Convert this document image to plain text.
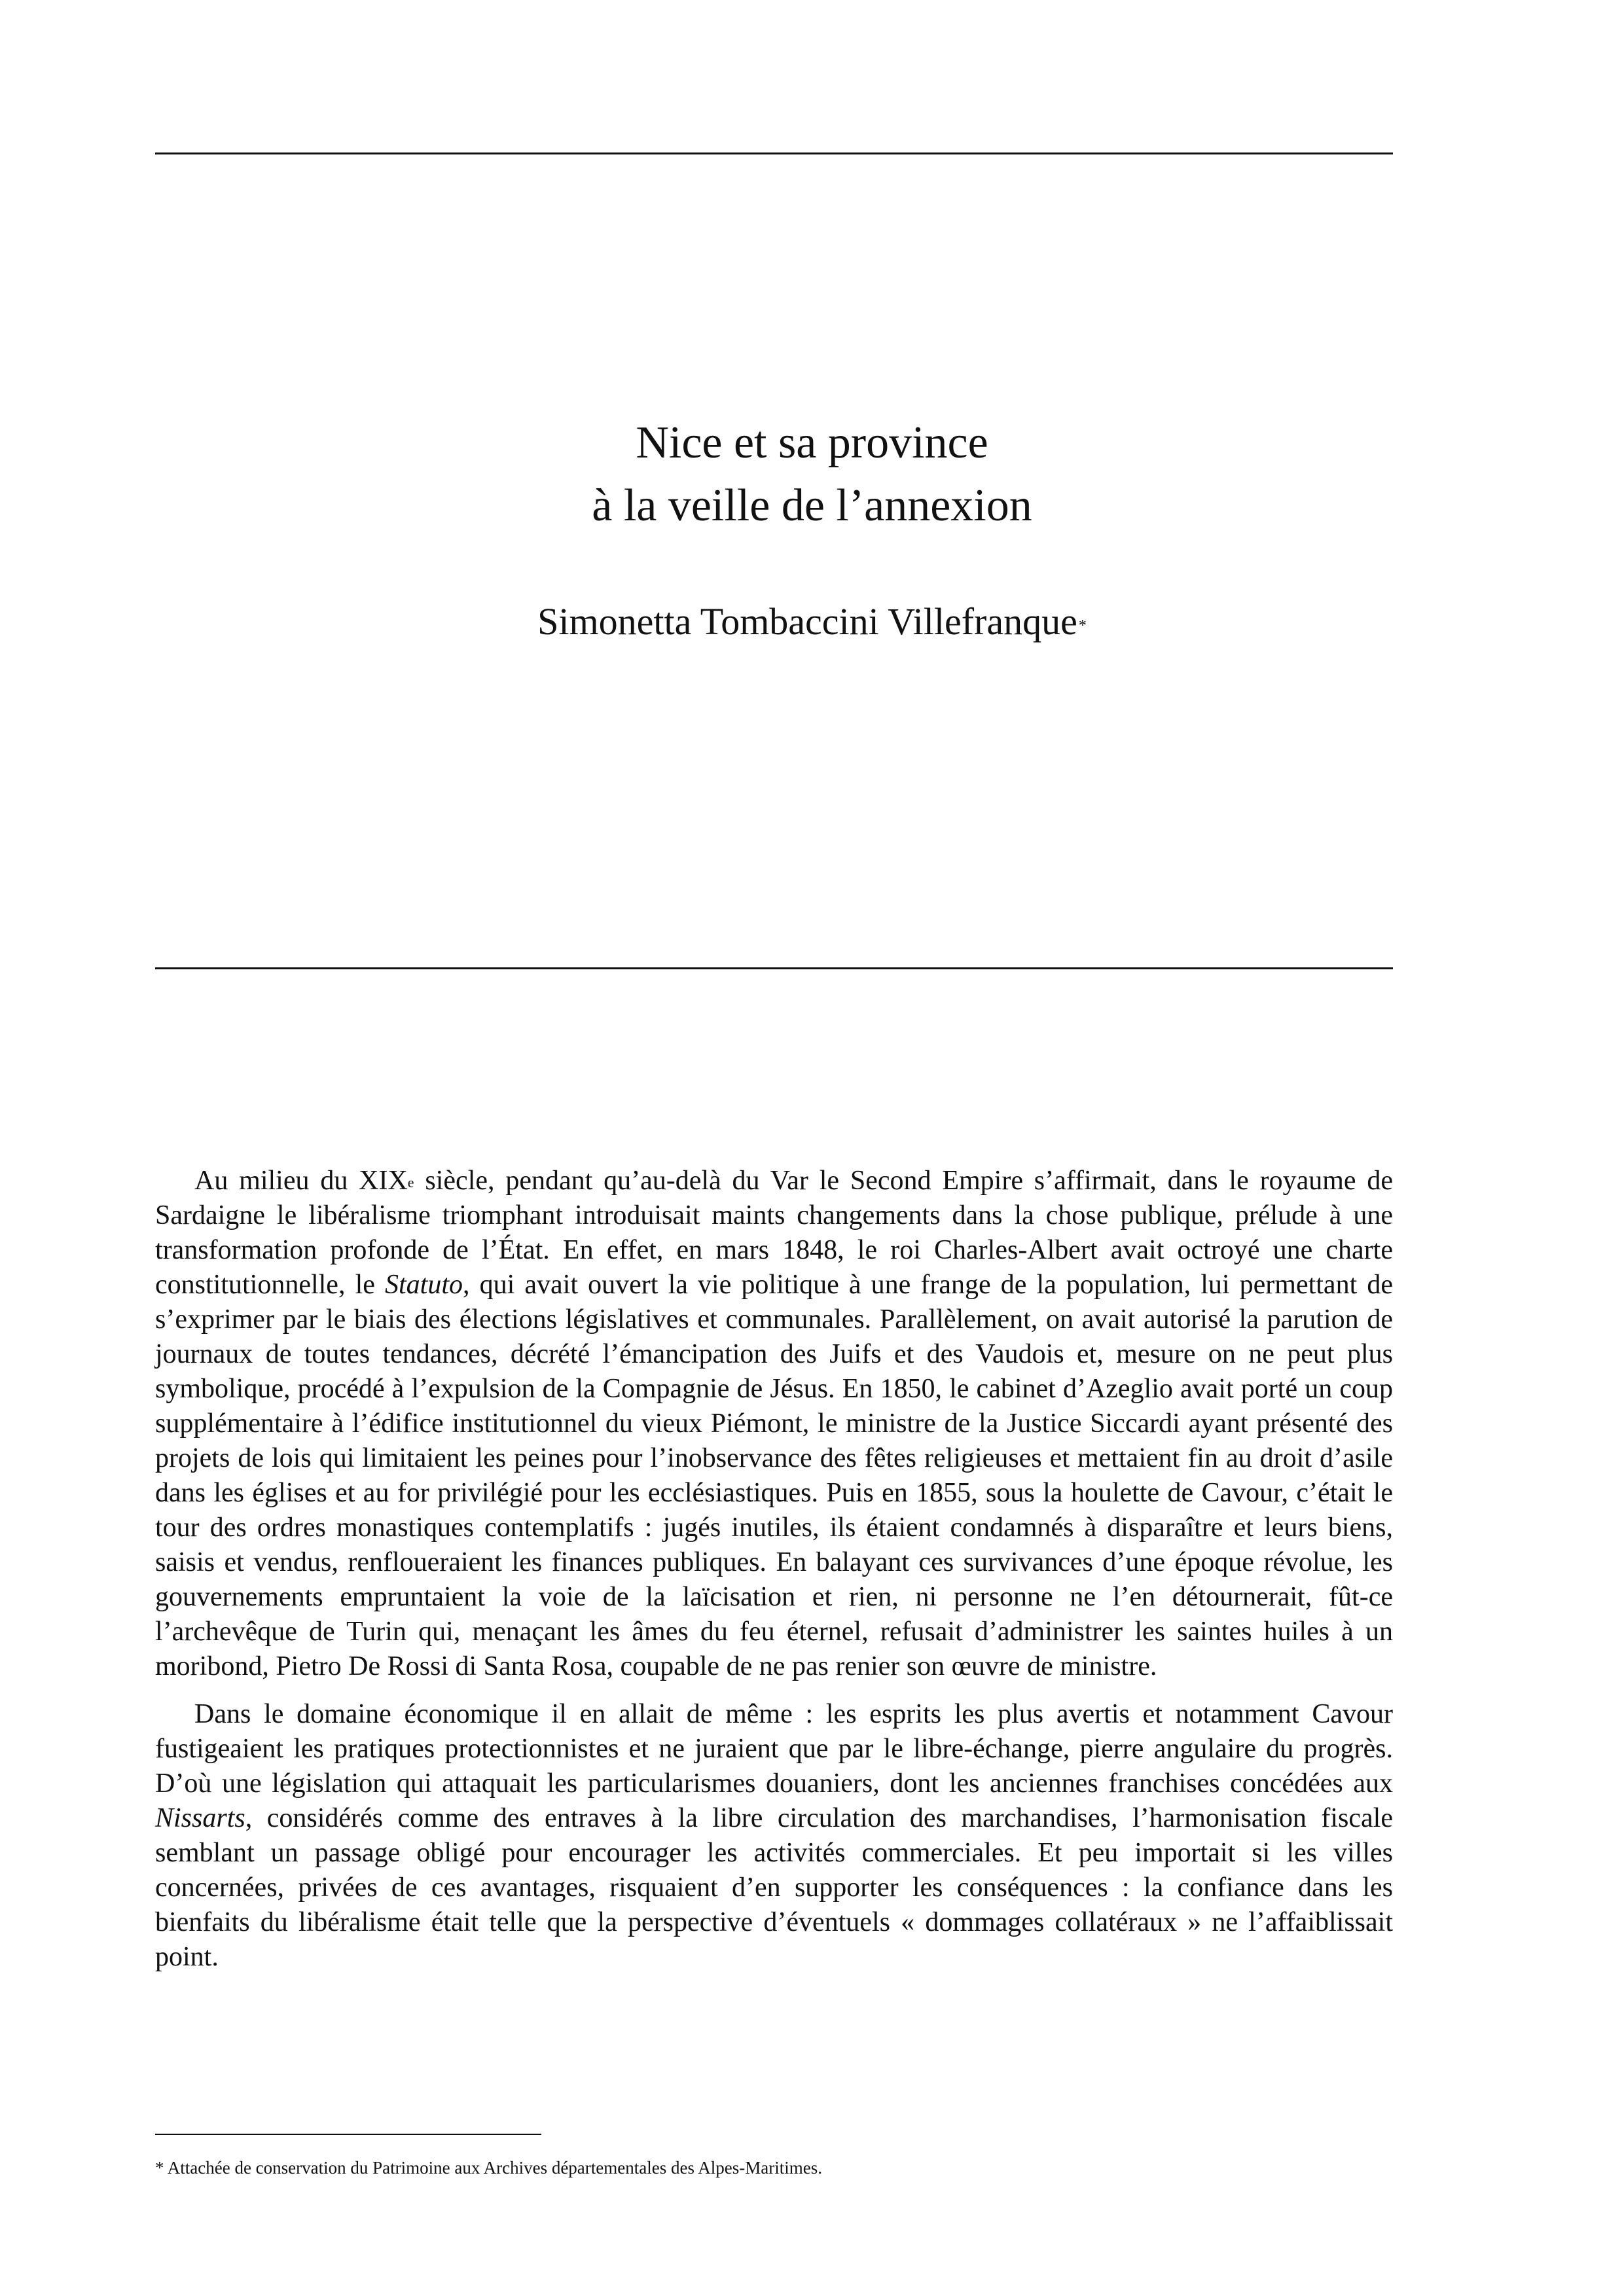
Nice et sa province
à la veille de l’annexion

Simonetta Tombaccini Villefranque*

Au milieu du XIXe siècle, pendant qu’au-delà du Var le Second Empire s’affirmait, dans le royaume de Sardaigne le libéralisme triomphant introduisait maints changements dans la chose publique, prélude à une transformation profonde de l’État. En effet, en mars 1848, le roi Charles-Albert avait octroyé une charte constitutionnelle, le Statuto, qui avait ouvert la vie politique à une frange de la population, lui permettant de s’exprimer par le biais des élections législatives et communales. Parallèlement, on avait autorisé la parution de journaux de toutes tendances, décrété l’émancipation des Juifs et des Vaudois et, mesure on ne peut plus symbolique, procédé à l’expulsion de la Compagnie de Jésus. En 1850, le cabinet d’Azeglio avait porté un coup supplémentaire à l’édifice institutionnel du vieux Piémont, le ministre de la Justice Siccardi ayant présenté des projets de lois qui limitaient les peines pour l’inobservance des fêtes religieuses et mettaient fin au droit d’asile dans les églises et au for privilégié pour les ecclésiastiques. Puis en 1855, sous la houlette de Cavour, c’était le tour des ordres monastiques contemplatifs : jugés inutiles, ils étaient condamnés à disparaître et leurs biens, saisis et vendus, renfloueraient les finances publiques. En balayant ces survivances d’une époque révolue, les gouvernements empruntaient la voie de la laïcisation et rien, ni personne ne l’en détournerait, fût-ce l’archevêque de Turin qui, menaçant les âmes du feu éternel, refusait d’administrer les saintes huiles à un moribond, Pietro De Rossi di Santa Rosa, coupable de ne pas renier son œuvre de ministre.

Dans le domaine économique il en allait de même : les esprits les plus avertis et notamment Cavour fustigeaient les pratiques protectionnistes et ne juraient que par le libre-échange, pierre angulaire du progrès. D’où une législation qui attaquait les particularismes douaniers, dont les anciennes franchises concédées aux Nissarts, considérés comme des entraves à la libre circulation des marchandises, l’harmonisation fiscale semblant un passage obligé pour encourager les activités commerciales. Et peu importait si les villes concernées, privées de ces avantages, risquaient d’en supporter les conséquences : la confiance dans les bienfaits du libéralisme était telle que la perspective d’éventuels « dommages collatéraux » ne l’affaiblissait point.

* Attachée de conservation du Patrimoine aux Archives départementales des Alpes-Maritimes.
